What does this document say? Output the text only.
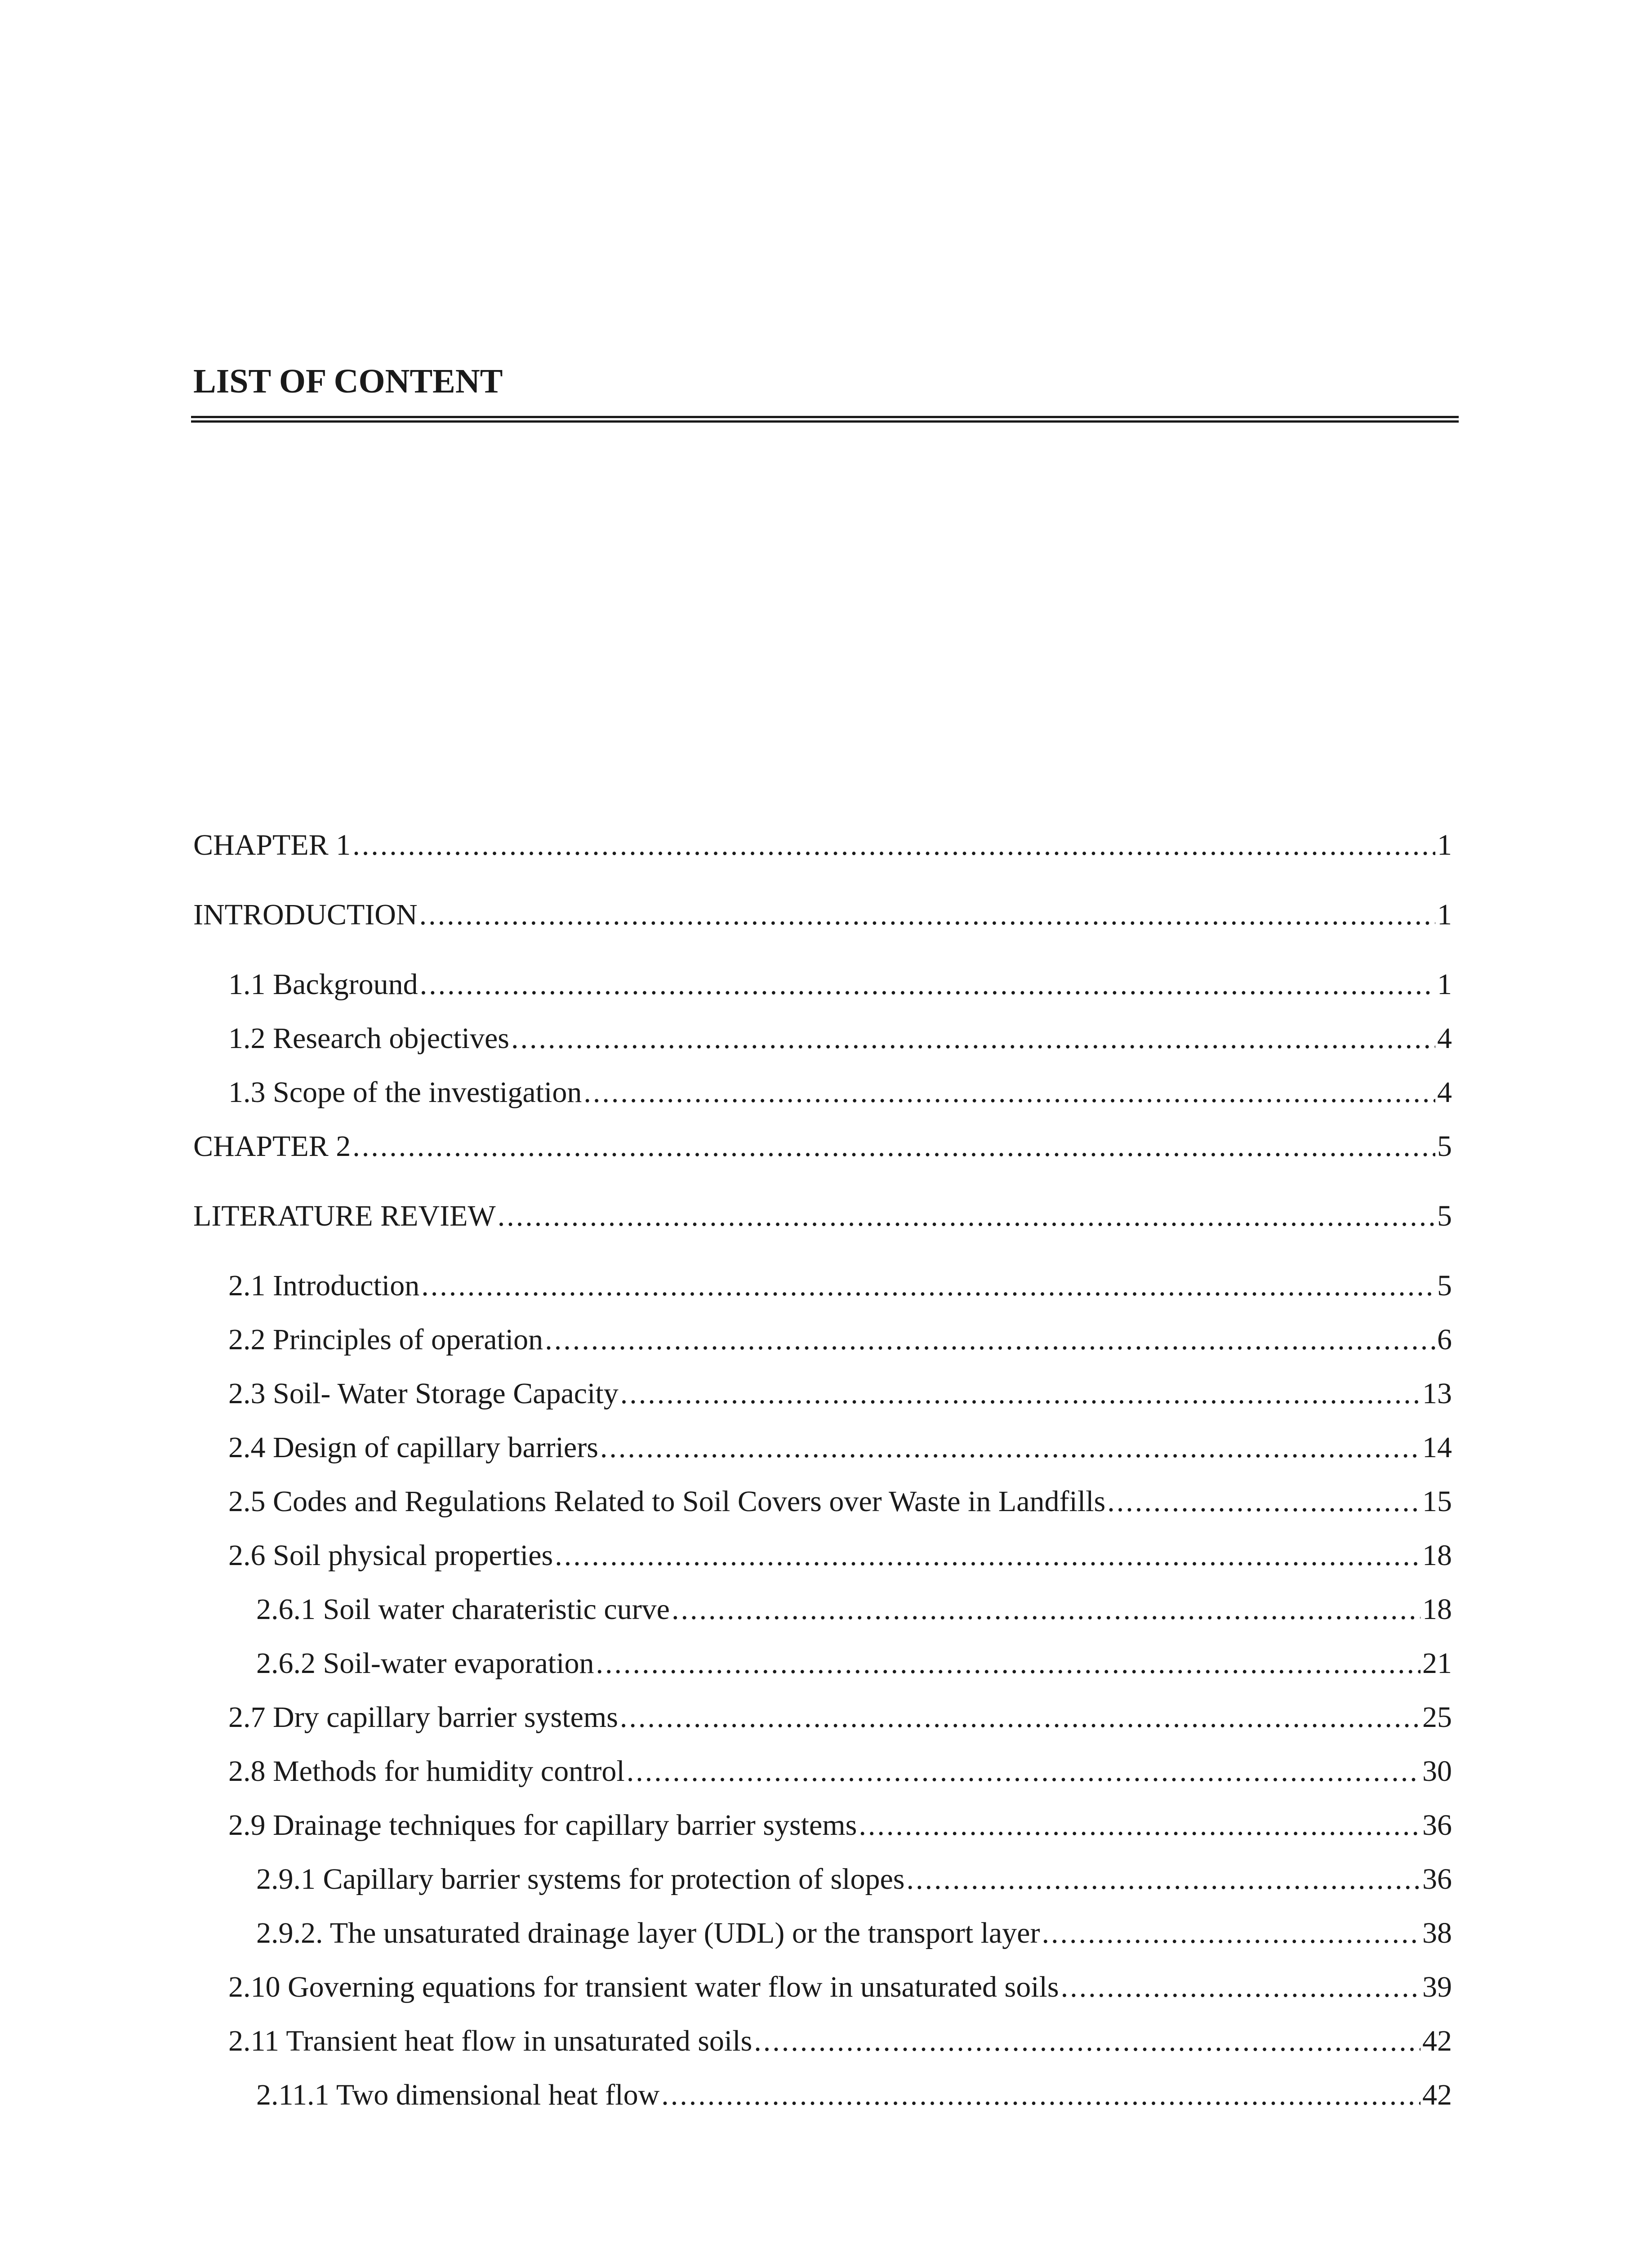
LIST OF CONTENT
CHAPTER 1 .....	1
INTRODUCTION .....	1
1.1 Background .....	1
1.2 Research objectives .....	4
1.3 Scope of the investigation .....	4
CHAPTER 2 .....	5
LITERATURE REVIEW .....	5
2.1 Introduction .....	5
2.2 Principles of operation .....	6
2.3 Soil- Water Storage Capacity .....	13
2.4 Design of capillary barriers .....	14
2.5 Codes and Regulations Related to Soil Covers over Waste in Landfills .....	15
2.6 Soil physical properties .....	18
2.6.1 Soil water charateristic curve .....	18
2.6.2 Soil-water evaporation .....	21
2.7 Dry capillary barrier systems .....	25
2.8 Methods for humidity control .....	30
2.9 Drainage techniques for capillary barrier systems .....	36
2.9.1 Capillary barrier systems for protection of slopes .....	36
2.9.2. The unsaturated drainage layer (UDL) or the transport layer .....	38
2.10 Governing equations for transient water flow in unsaturated soils .....	39
2.11 Transient heat flow in unsaturated soils .....	42
2.11.1 Two dimensional heat flow .....	42
